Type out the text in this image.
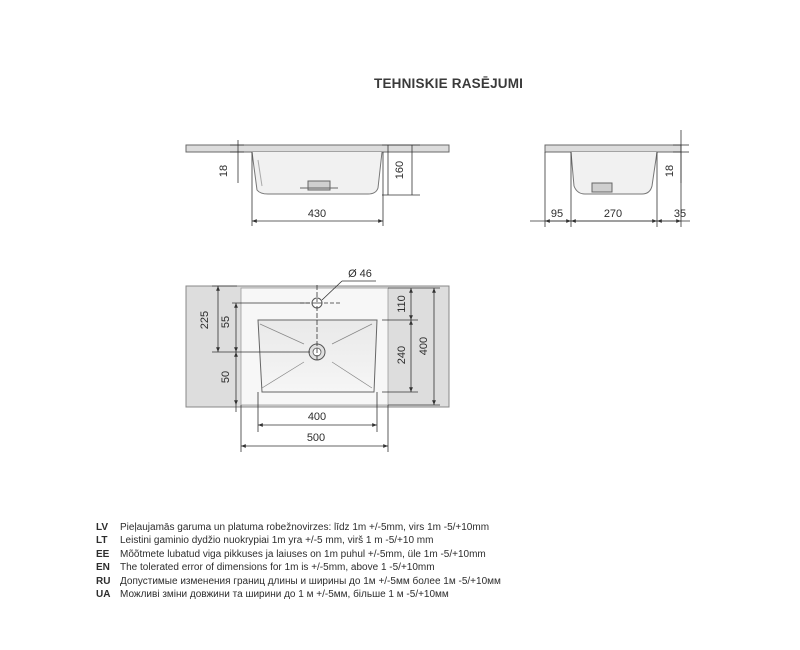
TEHNISKIE RASĒJUMI
18	160
430	95	270	35
18
Ø 46
225 55
50
110
240 400
400
500
LV	Pieļaujamās garuma un platuma robežnovirzes: līdz 1m +/-5mm, virs 1m -5/+10mm
LT	Leistini gaminio dydžio nuokrypiai 1m yra +/-5 mm, virš 1 m -5/+10 mm
EE	Mõõtmete lubatud viga pikkuses ja laiuses on 1m puhul +/-5mm, üle 1m -5/+10mm
EN	The tolerated error of dimensions for 1m is +/-5mm, above 1 -5/+10mm
RU Допустимые изменения границ длины и ширины до 1м +/-5мм более 1м -5/+10мм
UA Можливі зміни довжини та ширини до 1 м +/-5мм, більше 1 м -5/+10мм
